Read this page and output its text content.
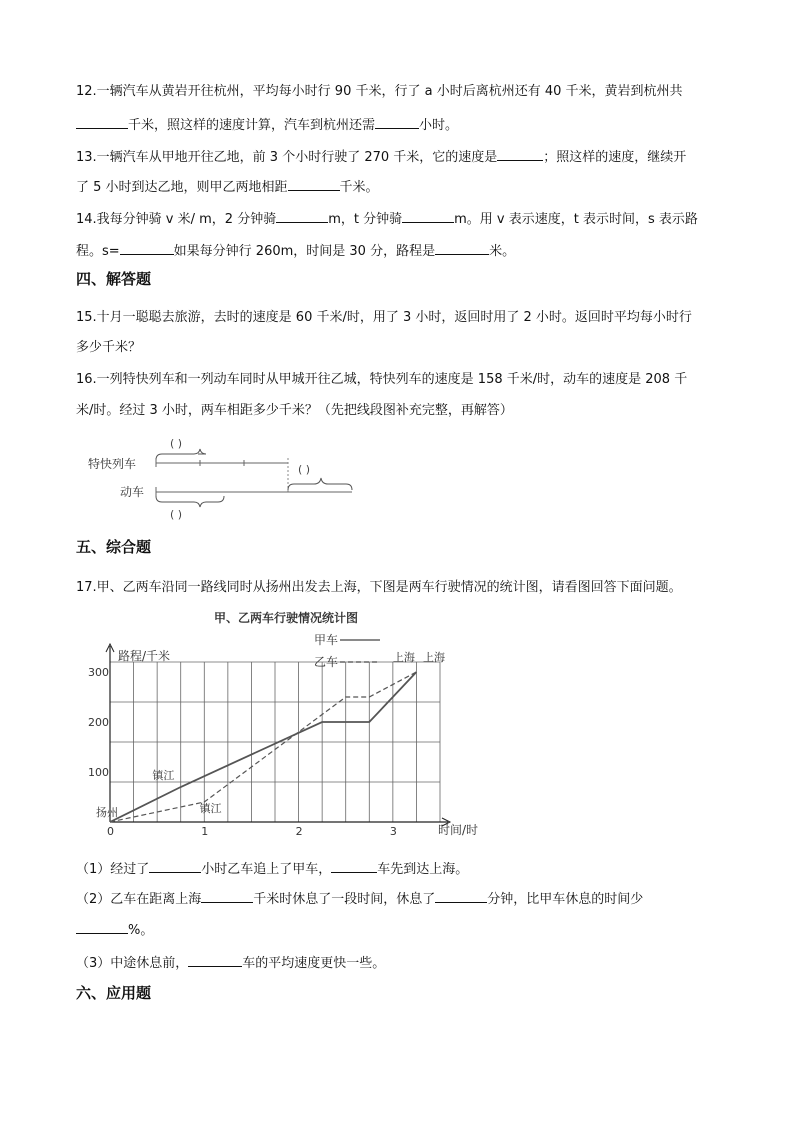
12.一辆汽车从黄岩开往杭州，平均每小时行 90 千米，行了 a 小时后离杭州还有 40 千米，黄岩到杭州共
千米，照这样的速度计算，汽车到杭州还需	小时。
13.一辆汽车从甲地开往乙地，前 3 个小时行驶了 270 千米，它的速度是	；照这样的速度，继续开
了 5 小时到达乙地，则甲乙两地相距	千米。
14.我每分钟骑 v 米/ m，2 分钟骑	m，t 分钟骑	m。用 v 表示速度，t 表示时间，s 表示路
程。s=	如果每分钟行 260m，时间是 30 分，路程是	米。
四、解答题
15.十月一聪聪去旅游，去时的速度是 60 千米/时，用了 3 小时，返回时用了 2 小时。返回时平均每小时行
多少千米？
16.一列特快列车和一列动车同时从甲城开往乙城，特快列车的速度是 158 千米/时，动车的速度是 208 千
米/时。经过 3 小时，两车相距多少千米？（先把线段图补充完整，再解答）
( )
特快列车	( )
动车
( )
五、综合题
17.甲、乙两车沿同一路线同时从扬州出发去上海，下图是两车行驶情况的统计图，请看图回答下面问题。
甲、乙两车行驶情况统计图
0	1	2	3
100
200
300
甲车
乙车
扬州
镇江
镇江
上海 上海
路程/千米
时间/时
（1）经过了	小时乙车追上了甲车，	车先到达上海。
（2）乙车在距离上海	千米时休息了一段时间，休息了	分钟，比甲车休息的时间少
%。
（3）中途休息前，	车的平均速度更快一些。
六、应用题
